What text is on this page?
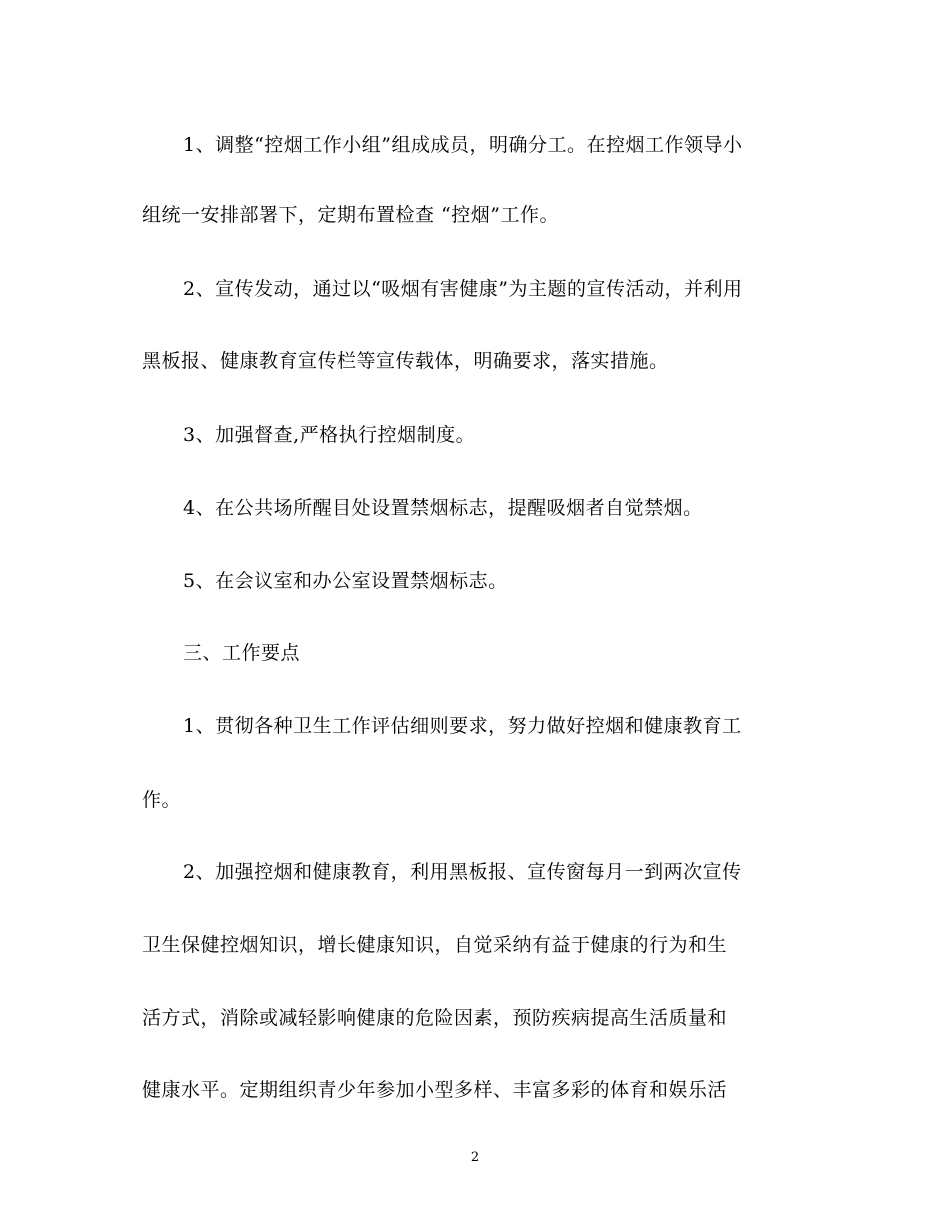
1、调整“控烟工作小组”组成成员，明确分工。在控烟工作领导小
组统一安排部署下，定期布置检查 “控烟”工作。
2、宣传发动，通过以“吸烟有害健康”为主题的宣传活动，并利用
黑板报、健康教育宣传栏等宣传载体，明确要求，落实措施。
3、加强督查,严格执行控烟制度。
4、在公共场所醒目处设置禁烟标志，提醒吸烟者自觉禁烟。
5、在会议室和办公室设置禁烟标志。
三、工作要点
1、贯彻各种卫生工作评估细则要求，努力做好控烟和健康教育工
作。
2、加强控烟和健康教育，利用黑板报、宣传窗每月一到两次宣传
卫生保健控烟知识，增长健康知识，自觉采纳有益于健康的行为和生
活方式，消除或减轻影响健康的危险因素，预防疾病提高生活质量和
健康水平。定期组织青少年参加小型多样、丰富多彩的体育和娱乐活
2
